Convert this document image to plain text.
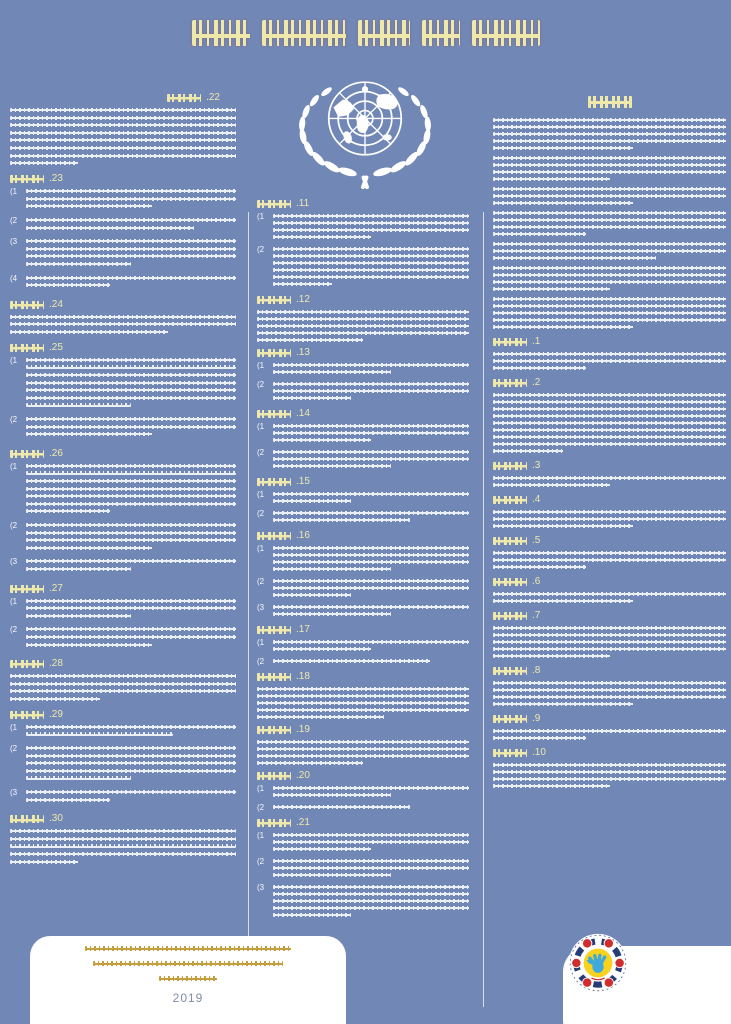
.22
.23
(1
(2
(3
(4
.24
.25
(1
(2
.26
(1
(2
(3
.27
(1
(2
.28
.29
(1
(2
(3
.30
.11
(1
(2
.12
.13
(1
(2
.14
(1
(2
.15
(1
(2
.16
(1
(2
(3
.17
(1
(2
.18
.19
.20
(1
(2
.21
(1
(2
(3
.1
.2
.3
.4
.5
.6
.7
.8
.9
.10
2019
